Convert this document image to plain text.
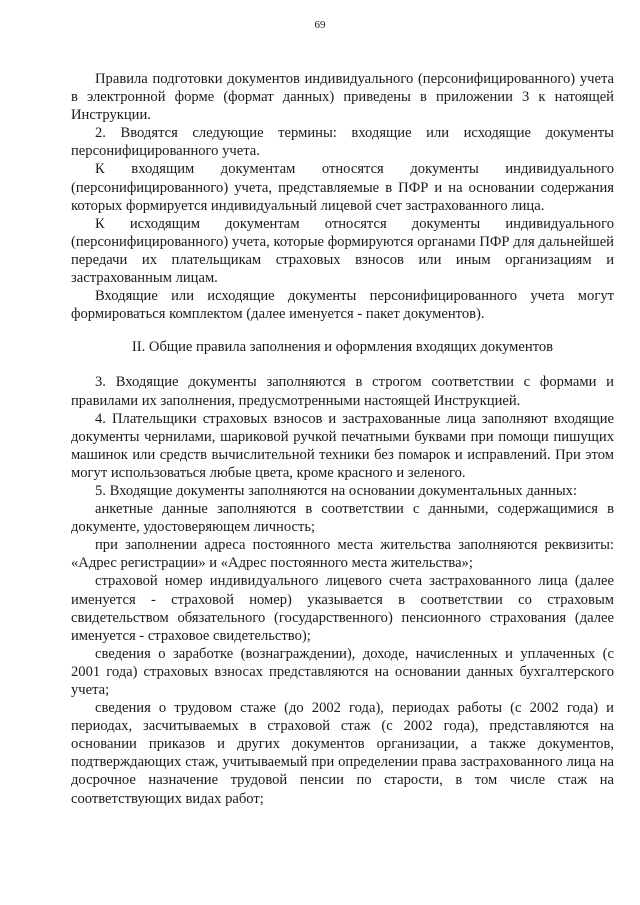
69

Правила подготовки документов индивидуального (персонифицированного) учета в электронной форме (формат данных) приведены в приложении 3 к натоящей Инструкции.

2. Вводятся следующие термины: входящие или исходящие документы персонифицированного учета.

К входящим документам относятся документы индивидуального (персонифицированного) учета, представляемые в ПФР и на основании содержания которых формируется индивидуальный лицевой счет застрахованного лица.

К исходящим документам относятся документы индивидуального (персонифицированного) учета, которые формируются органами ПФР для дальнейшей передачи их плательщикам страховых взносов или иным организациям и застрахованным лицам.

Входящие или исходящие документы персонифицированного учета могут формироваться комплектом (далее именуется - пакет документов).

II. Общие правила заполнения и оформления входящих документов

3. Входящие документы заполняются в строгом соответствии с формами и правилами их заполнения, предусмотренными настоящей Инструкцией.

4. Плательщики страховых взносов и застрахованные лица заполняют входящие документы чернилами, шариковой ручкой печатными буквами при помощи пишущих машинок или средств вычислительной техники без помарок и исправлений. При этом могут использоваться любые цвета, кроме красного и зеленого.

5. Входящие документы заполняются на основании документальных данных:

анкетные данные заполняются в соответствии с данными, содержащимися в документе, удостоверяющем личность;

при заполнении адреса постоянного места жительства заполняются реквизиты: «Адрес регистрации» и «Адрес постоянного места жительства»;

страховой номер индивидуального лицевого счета застрахованного лица (далее именуется - страховой номер) указывается в соответствии со страховым свидетельством обязательного (государственного) пенсионного страхования (далее именуется - страховое свидетельство);

сведения о заработке (вознаграждении), доходе, начисленных и уплаченных (с 2001 года) страховых взносах представляются на основании данных бухгалтерского учета;

сведения о трудовом стаже (до 2002 года), периодах работы (с 2002 года) и периодах, засчитываемых в страховой стаж (с 2002 года), представляются на основании приказов и других документов организации, а также документов, подтверждающих стаж, учитываемый при определении права застрахованного лица на досрочное назначение трудовой пенсии по старости, в том числе стаж на соответствующих видах работ;
